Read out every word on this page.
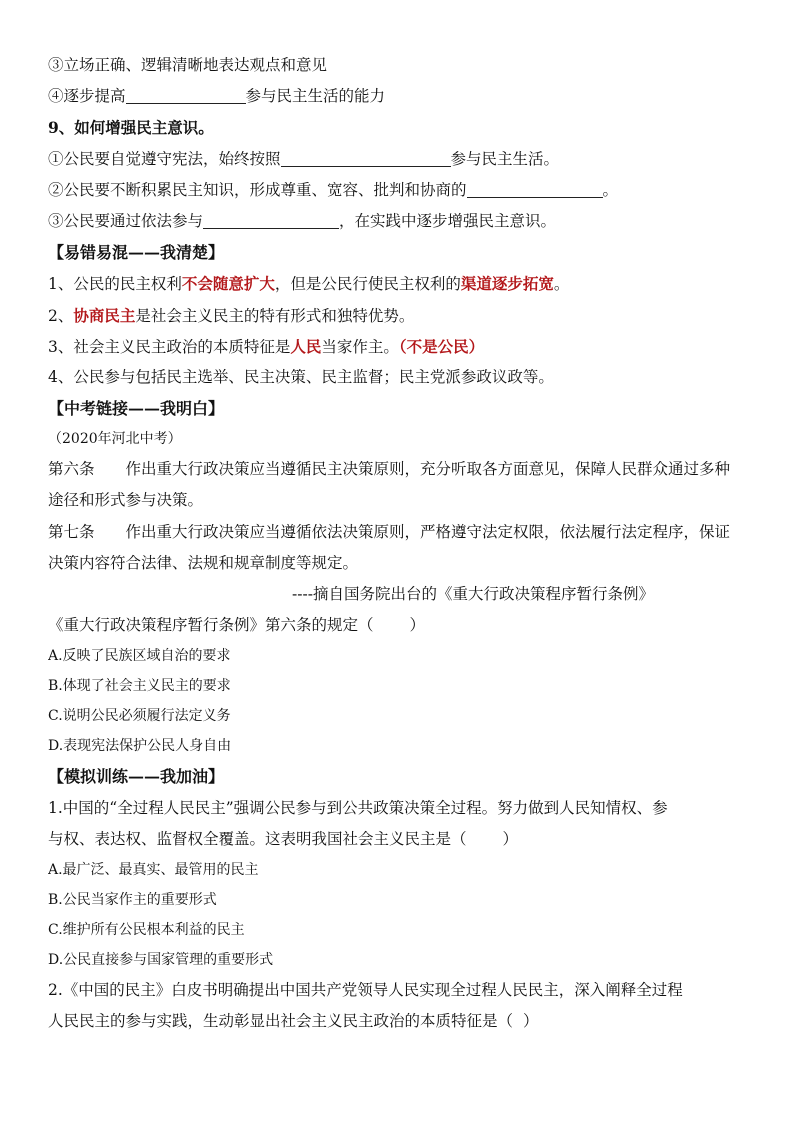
③立场正确、逻辑清晰地表达观点和意见
④逐步提高	参与民主生活的能力
9、如何增强民主意识。
①公民要自觉遵守宪法，始终按照	参与民主生活。
②公民要不断积累民主知识，形成尊重、宽容、批判和协商的	。
③公民要通过依法参与	，在实践中逐步增强民主意识。
【易错易混——我清楚】
1、公民的民主权利不会随意扩大，但是公民行使民主权利的渠道逐步拓宽。
2、协商民主是社会主义民主的特有形式和独特优势。
3、社会主义民主政治的本质特征是人民当家作主。（不是公民）
4、公民参与包括民主选举、民主决策、民主监督；民主党派参政议政等。
【中考链接——我明白】
（2020年河北中考）
第六条　　作出重大行政决策应当遵循民主决策原则，充分听取各方面意见，保障人民群众通过多种
途径和形式参与决策。
第七条　　作出重大行政决策应当遵循依法决策原则，严格遵守法定权限，依法履行法定程序，保证
决策内容符合法律、法规和规章制度等规定。
----摘自国务院出台的《重大行政决策程序暂行条例》
《重大行政决策程序暂行条例》第六条的规定（ ）
A.反映了民族区域自治的要求
B.体现了社会主义民主的要求
C.说明公民必须履行法定义务
D.表现宪法保护公民人身自由
【模拟训练——我加油】
1.中国的“全过程人民民主”强调公民参与到公共政策决策全过程。努力做到人民知情权、参
与权、表达权、监督权全覆盖。这表明我国社会主义民主是（ ）
A.最广泛、最真实、最管用的民主
B.公民当家作主的重要形式
C.维护所有公民根本利益的民主
D.公民直接参与国家管理的重要形式
2.《中国的民主》白皮书明确提出中国共产党领导人民实现全过程人民民主，深入阐释全过程
人民民主的参与实践，生动彰显出社会主义民主政治的本质特征是（ ）
